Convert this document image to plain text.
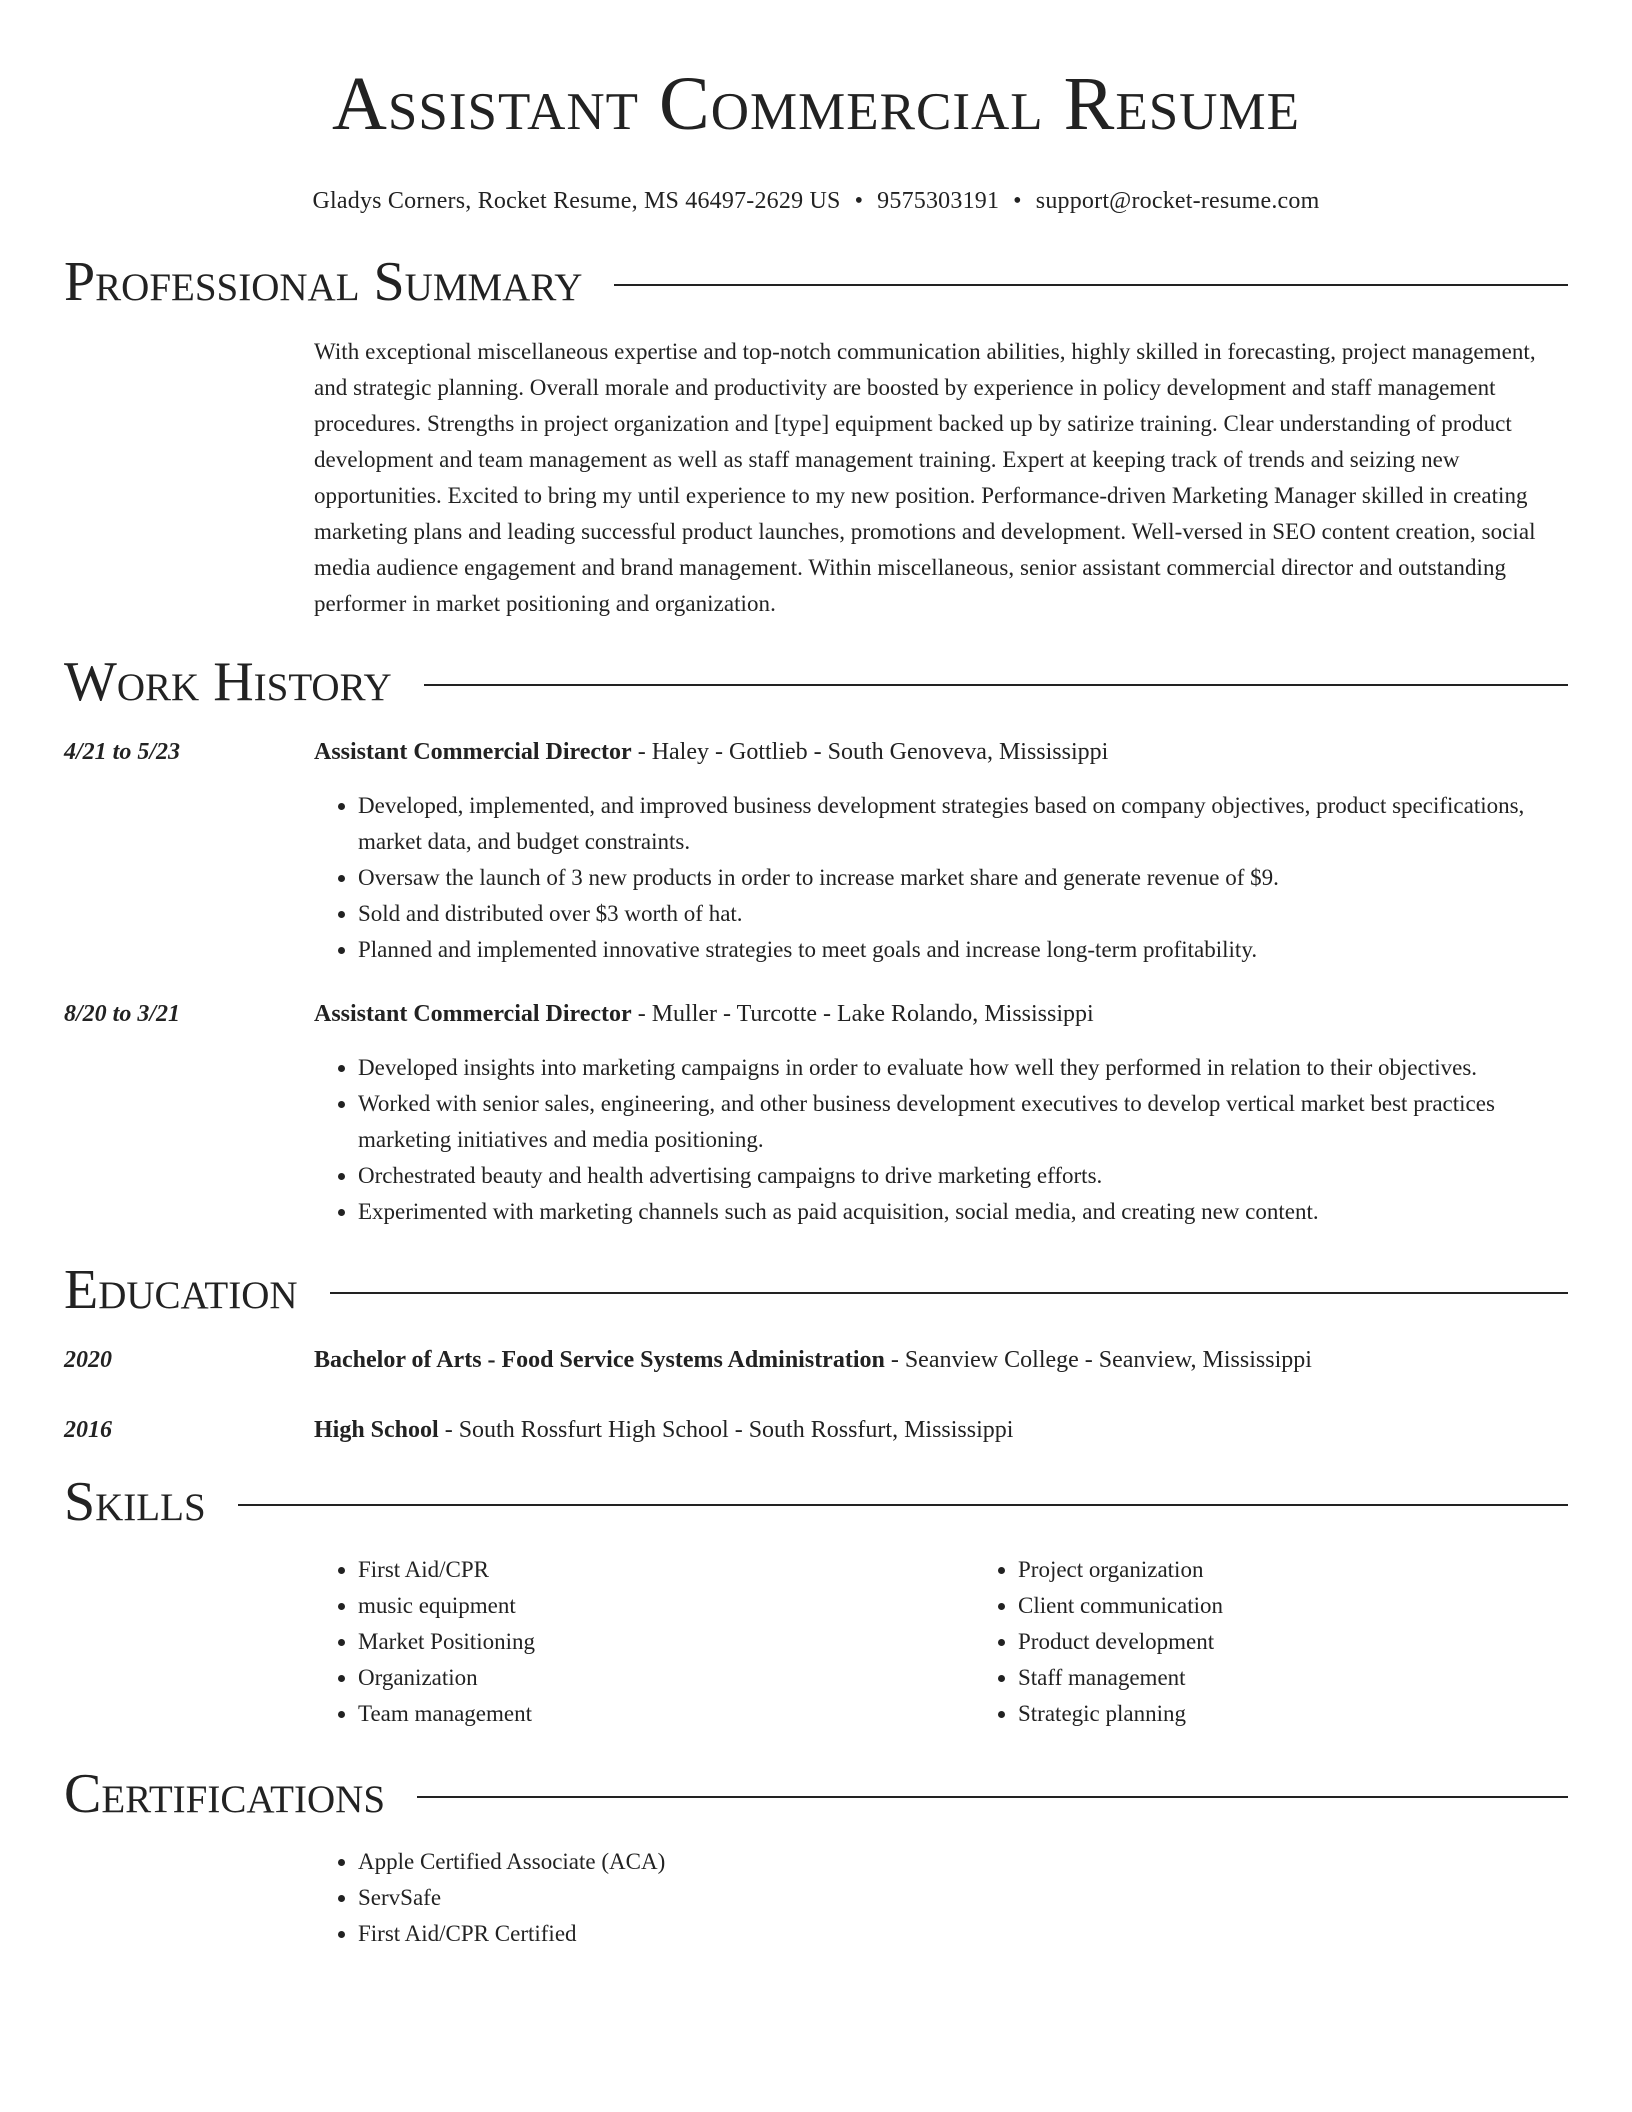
Assistant Commercial Resume
Gladys Corners, Rocket Resume, MS 46497-2629 US • 9575303191 • support@rocket-resume.com
Professional Summary

With exceptional miscellaneous expertise and top-notch communication abilities, highly skilled in forecasting, project management, and strategic planning. Overall morale and productivity are boosted by experience in policy development and staff management procedures. Strengths in project organization and [type] equipment backed up by satirize training. Clear understanding of product development and team management as well as staff management training. Expert at keeping track of trends and seizing new opportunities. Excited to bring my until experience to my new position. Performance-driven Marketing Manager skilled in creating marketing plans and leading successful product launches, promotions and development. Well-versed in SEO content creation, social media audience engagement and brand management. Within miscellaneous, senior assistant commercial director and outstanding performer in market positioning and organization.

Work History
4/21 to 5/23	Assistant Commercial Director - Haley - Gottlieb - South Genoveva, Mississippi
• Developed, implemented, and improved business development strategies based on company objectives, product specifications, market data, and budget constraints.
• Oversaw the launch of 3 new products in order to increase market share and generate revenue of $9.
• Sold and distributed over $3 worth of hat.
• Planned and implemented innovative strategies to meet goals and increase long-term profitability.
8/20 to 3/21	Assistant Commercial Director - Muller - Turcotte - Lake Rolando, Mississippi
• Developed insights into marketing campaigns in order to evaluate how well they performed in relation to their objectives.
• Worked with senior sales, engineering, and other business development executives to develop vertical market best practices marketing initiatives and media positioning.
• Orchestrated beauty and health advertising campaigns to drive marketing efforts.
• Experimented with marketing channels such as paid acquisition, social media, and creating new content.
Education
2020	Bachelor of Arts - Food Service Systems Administration - Seanview College - Seanview, Mississippi
2016	High School - South Rossfurt High School - South Rossfurt, Mississippi
Skills
• First Aid/CPR
• music equipment
• Market Positioning
• Organization
• Team management
• Project organization
• Client communication
• Product development
• Staff management
• Strategic planning
Certifications
• Apple Certified Associate (ACA)
• ServSafe
• First Aid/CPR Certified
